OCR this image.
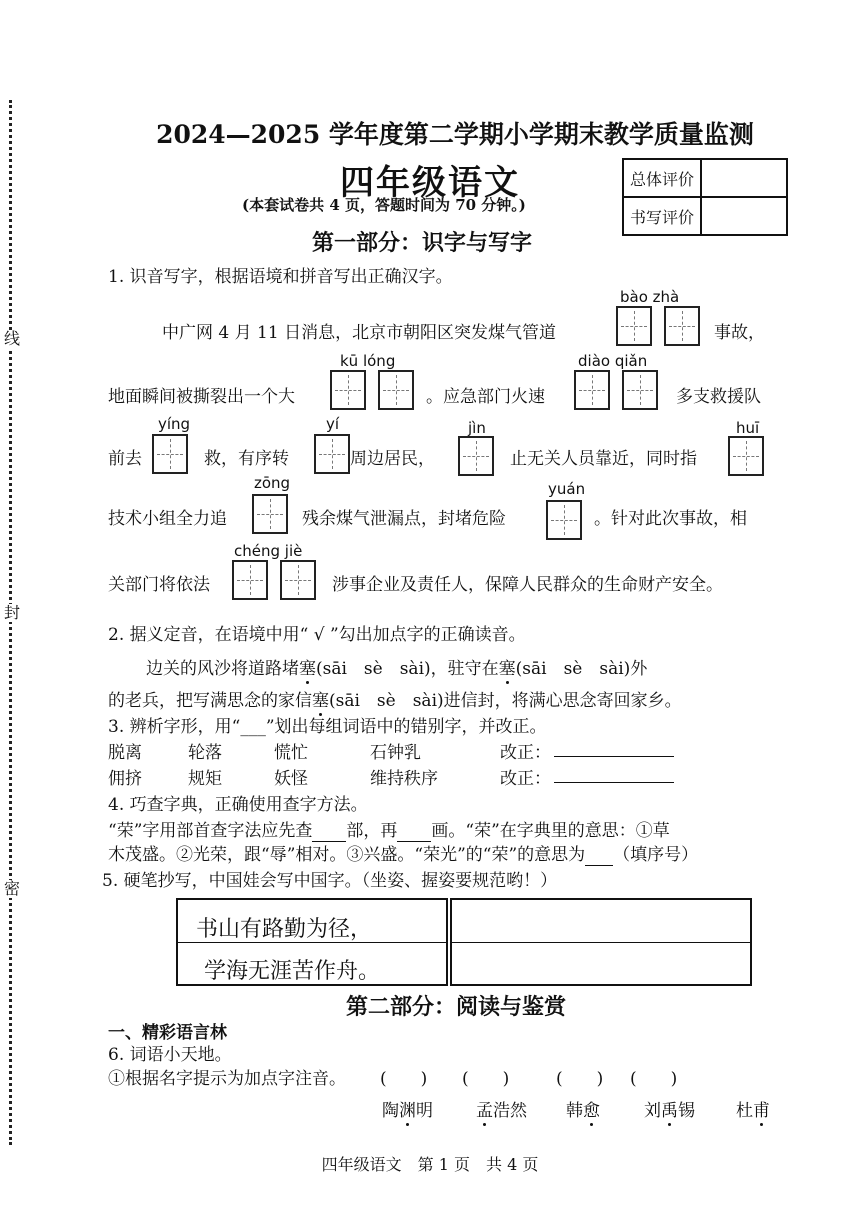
线
封
密
2024—2025 学年度第二学期小学期末教学质量监测
四年级语文
(本套试卷共 4 页，答题时间为 70 分钟。)
总体评价	
书写评价	
第一部分：识字与写字
1. 识音写字，根据语境和拼音写出正确汉字。
bào zhà
中广网 4 月 11 日消息，北京市朝阳区突发煤气管道	事故，
kū lóng	diào qiǎn
地面瞬间被撕裂出一个大	。应急部门火速	多支救援队
yíng	yí	jìn	huī
前去	救，有序转	周边居民，	止无关人员靠近，同时指
zōng	yuán
技术小组全力追	残余煤气泄漏点，封堵危险	。针对此次事故，相
chéng jiè
关部门将依法	涉事企业及责任人，保障人民群众的生命财产安全。
2. 据义定音，在语境中用“ √ ”勾出加点字的正确读音。
边关的风沙将道路堵塞(sāi　sè　sài)，驻守在塞(sāi　sè　sài)外
的老兵，把写满思念的家信塞(sāi　sè　sài)进信封，将满心思念寄回家乡。
3. 辨析字形，用“___”划出每组词语中的错别字，并改正。
脱离	轮落	慌忙	石钟乳	改正：
佣挤	规矩	妖怪	维持秩序	改正：
4. 巧查字典，正确使用查字方法。
“荣”字用部首查字法应先查 部，再 画。“荣”在字典里的意思：①草
木茂盛。②光荣，跟“辱”相对。③兴盛。“荣光”的“荣”的意思为 （填序号）
5. 硬笔抄写，中国娃会写中国字。（坐姿、握姿要规范哟！）
书山有路勤为径，
学海无涯苦作舟。
第二部分：阅读与鉴赏
一、精彩语言林
6. 词语小天地。
①根据名字提示为加点字注音。 (　　) (　　)	(　　) (　　)
陶渊明	孟浩然 韩愈	刘禹锡 杜甫
四年级语文　第 1 页　共 4 页
